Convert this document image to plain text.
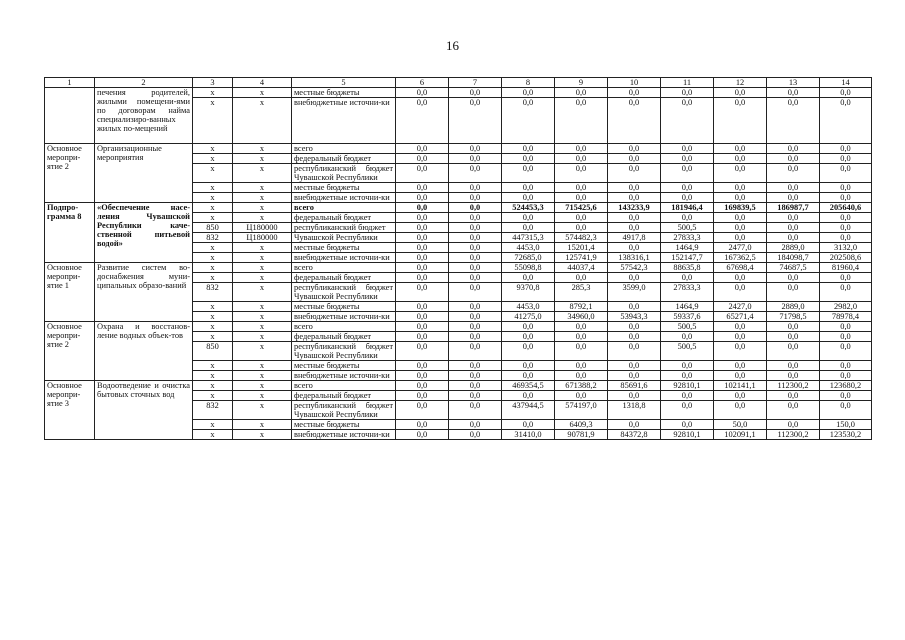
16
1	2	3	4	5	6	7	8	9	10	11	12	13	14
	печения родителей, жилыми помещени-ями по договорам найма специализиро-ванных жилых по-мещений	x	x	местные бюджеты	0,0	0,0	0,0	0,0	0,0	0,0	0,0	0,0	0,0
		x	x	внебюджетные источни-ки	0,0	0,0	0,0	0,0	0,0	0,0	0,0	0,0	0,0
Основное меропри-ятие 2	Организационные мероприятия	x	x	всего	0,0	0,0	0,0	0,0	0,0	0,0	0,0	0,0	0,0
		x	x	федеральный бюджет	0,0	0,0	0,0	0,0	0,0	0,0	0,0	0,0	0,0
		x	x	республиканский бюджет Чувашской Республики	0,0	0,0	0,0	0,0	0,0	0,0	0,0	0,0	0,0
		x	x	местные бюджеты	0,0	0,0	0,0	0,0	0,0	0,0	0,0	0,0	0,0
		x	x	внебюджетные источни-ки	0,0	0,0	0,0	0,0	0,0	0,0	0,0	0,0	0,0
Подпро-грамма 8	«Обеспечение насе-ления Чувашской Республики каче-ственной питьевой водой»	x	x	всего	0,0	0,0	524453,3	715425,6	143233,9	181946,4	169839,5	186987,7	205640,6
		x	x	федеральный бюджет	0,0	0,0	0,0	0,0	0,0	0,0	0,0	0,0	0,0
		850	Ц180000	республиканский бюджет	0,0	0,0	0,0	0,0	0,0	500,5	0,0	0,0	0,0
		832	Ц180000	Чувашской Республики	0,0	0,0	447315,3	574482,3	4917,8	27833,3	0,0	0,0	0,0
		x	x	местные бюджеты	0,0	0,0	4453,0	15201,4	0,0	1464,9	2477,0	2889,0	3132,0
		x	x	внебюджетные источни-ки	0,0	0,0	72685,0	125741,9	138316,1	152147,7	167362,5	184098,7	202508,6
Основное меропри-ятие 1	Развитие систем во-доснабжения муни-ципальных образо-ваний	x	x	всего	0,0	0,0	55098,8	44037,4	57542,3	88635,8	67698,4	74687,5	81960,4
		x	x	федеральный бюджет	0,0	0,0	0,0	0,0	0,0	0,0	0,0	0,0	0,0
		832	x	республиканский бюджет Чувашской Республики	0,0	0,0	9370,8	285,3	3599,0	27833,3	0,0	0,0	0,0
		x	x	местные бюджеты	0,0	0,0	4453,0	8792,1	0,0	1464,9	2427,0	2889,0	2982,0
		x	x	внебюджетные источни-ки	0,0	0,0	41275,0	34960,0	53943,3	59337,6	65271,4	71798,5	78978,4
Основное меропри-ятие 2	Охрана и восстанов-ление водных объек-тов	x	x	всего	0,0	0,0	0,0	0,0	0,0	500,5	0,0	0,0	0,0
		x	x	федеральный бюджет	0,0	0,0	0,0	0,0	0,0	0,0	0,0	0,0	0,0
		850	x	республиканский бюджет Чувашской Республики	0,0	0,0	0,0	0,0	0,0	500,5	0,0	0,0	0,0
		x	x	местные бюджеты	0,0	0,0	0,0	0,0	0,0	0,0	0,0	0,0	0,0
		x	x	внебюджетные источни-ки	0,0	0,0	0,0	0,0	0,0	0,0	0,0	0,0	0,0
Основное меропри-ятие 3	Водоотведение и очистка бытовых сточных вод	x	x	всего	0,0	0,0	469354,5	671388,2	85691,6	92810,1	102141,1	112300,2	123680,2
		x	x	федеральный бюджет	0,0	0,0	0,0	0,0	0,0	0,0	0,0	0,0	0,0
		832	x	республиканский бюджет Чувашской Республики	0,0	0,0	437944,5	574197,0	1318,8	0,0	0,0	0,0	0,0
		x	x	местные бюджеты	0,0	0,0	0,0	6409,3	0,0	0,0	50,0	0,0	150,0
		x	x	внебюджетные источни-ки	0,0	0,0	31410,0	90781,9	84372,8	92810,1	102091,1	112300,2	123530,2
